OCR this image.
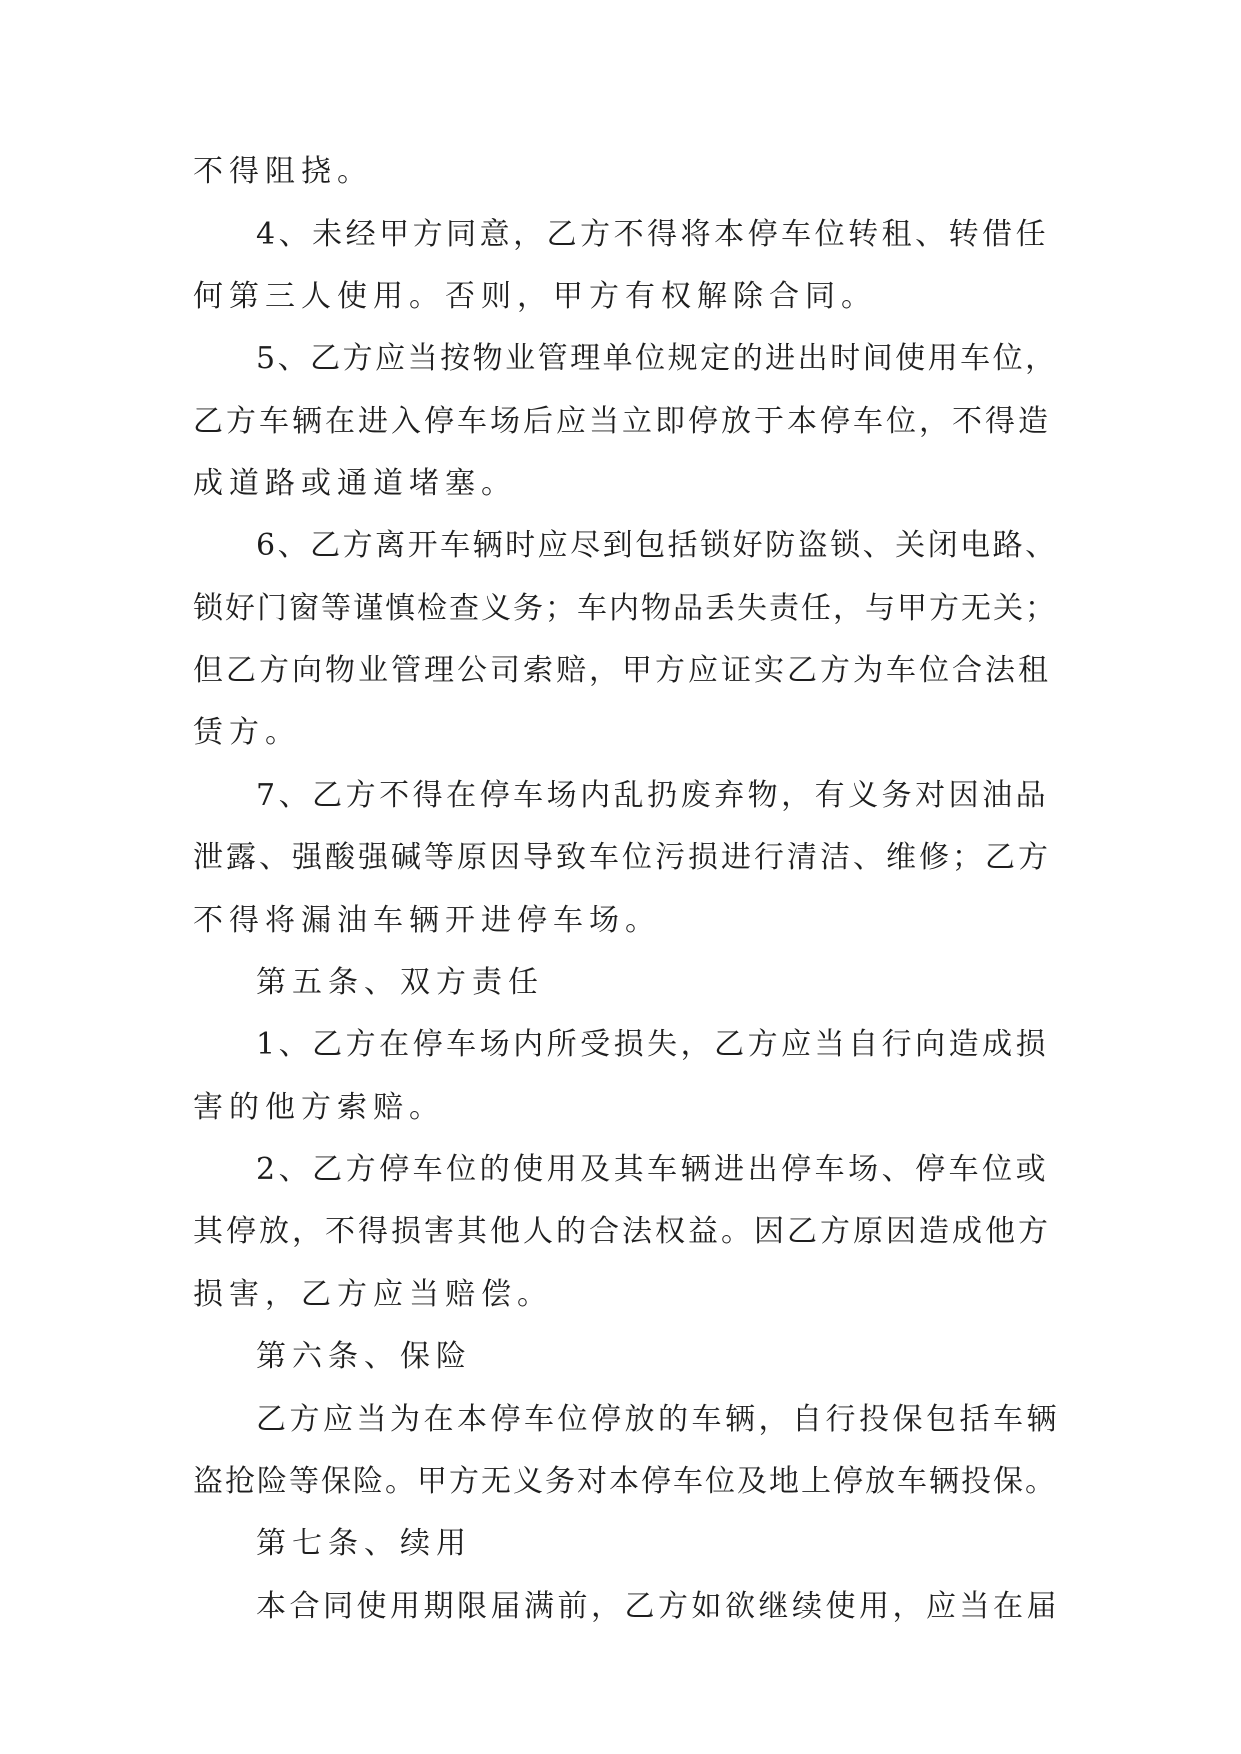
不得阻挠。
4、未经甲方同意，乙方不得将本停车位转租、转借任
何第三人使用。否则，甲方有权解除合同。
5、乙方应当按物业管理单位规定的进出时间使用车位，
乙方车辆在进入停车场后应当立即停放于本停车位，不得造
成道路或通道堵塞。
6、乙方离开车辆时应尽到包括锁好防盗锁、关闭电路、
锁好门窗等谨慎检查义务；车内物品丢失责任，与甲方无关；
但乙方向物业管理公司索赔，甲方应证实乙方为车位合法租
赁方。
7、乙方不得在停车场内乱扔废弃物，有义务对因油品
泄露、强酸强碱等原因导致车位污损进行清洁、维修；乙方
不得将漏油车辆开进停车场。
第五条、双方责任
1、乙方在停车场内所受损失，乙方应当自行向造成损
害的他方索赔。
2、乙方停车位的使用及其车辆进出停车场、停车位或
其停放，不得损害其他人的合法权益。因乙方原因造成他方
损害，乙方应当赔偿。
第六条、保险
乙方应当为在本停车位停放的车辆，自行投保包括车辆
盗抢险等保险。甲方无义务对本停车位及地上停放车辆投保。
第七条、续用
本合同使用期限届满前，乙方如欲继续使用，应当在届
